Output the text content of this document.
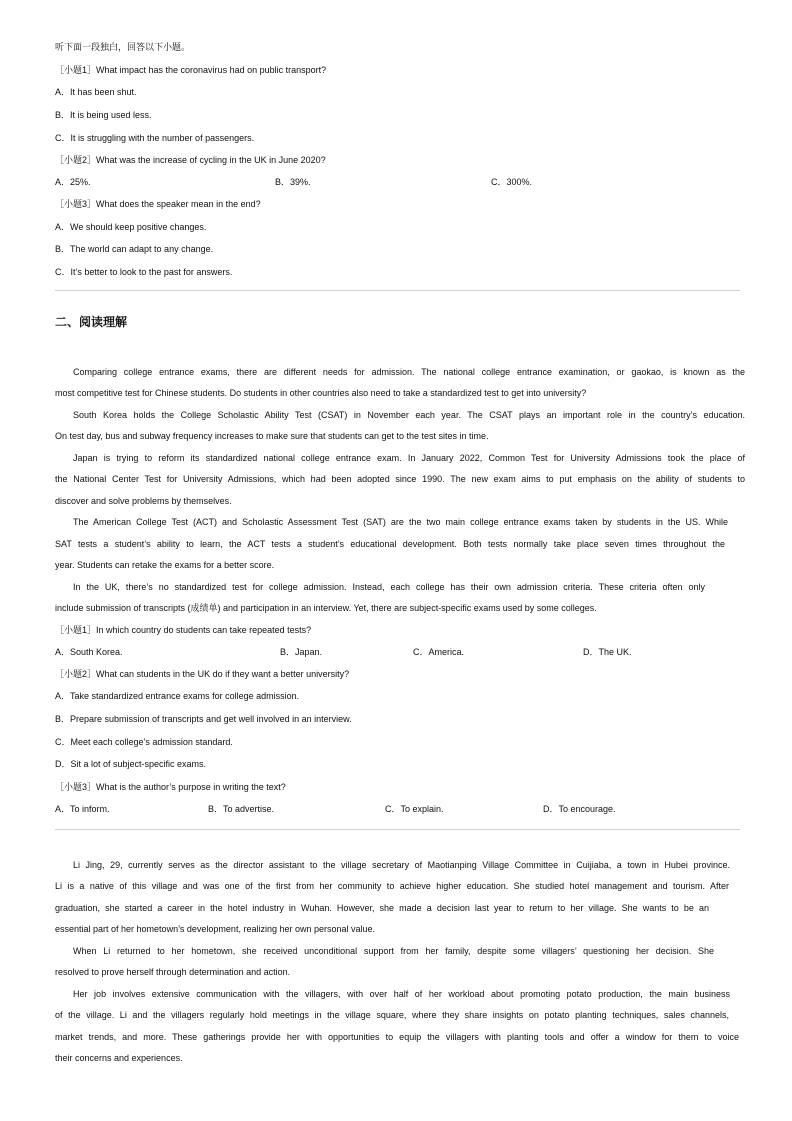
听下面一段独白，回答以下小题。
［小题1］What impact has the coronavirus had on public transport?
A．It has been shut.
B．It is being used less.
C．It is struggling with the number of passengers.
［小题2］What was the increase of cycling in the UK in June 2020?
A．25%.	B．39%.	C．300%.
［小题3］What does the speaker mean in the end?
A．We should keep positive changes.
B．The world can adapt to any change.
C．It’s better to look to the past for answers.
二、阅读理解
Comparing college entrance exams, there are different needs for admission. The national college entrance examination, or gaokao, is known as the
most competitive test for Chinese students. Do students in other countries also need to take a standardized test to get into university?
South Korea holds the College Scholastic Ability Test (CSAT) in November each year. The CSAT plays an important role in the country’s education.
On test day, bus and subway frequency increases to make sure that students can get to the test sites in time.
Japan is trying to reform its standardized national college entrance exam. In January 2022, Common Test for University Admissions took the place of
the National Center Test for University Admissions, which had been adopted since 1990. The new exam aims to put emphasis on the ability of students to
discover and solve problems by themselves.
The American College Test (ACT) and Scholastic Assessment Test (SAT) are the two main college entrance exams taken by students in the US. While
SAT tests a student’s ability to learn, the ACT tests a student’s educational development. Both tests normally take place seven times throughout the
year. Students can retake the exams for a better score.
In the UK, there’s no standardized test for college admission. Instead, each college has their own admission criteria. These criteria often only
include submission of transcripts (成绩单) and participation in an interview. Yet, there are subject-specific exams used by some colleges.
［小题1］In which country do students can take repeated tests?
A．South Korea.	B．Japan.	C．America.	D．The UK.
［小题2］What can students in the UK do if they want a better university?
A．Take standardized entrance exams for college admission.
B．Prepare submission of transcripts and get well involved in an interview.
C．Meet each college’s admission standard.
D．Sit a lot of subject-specific exams.
［小题3］What is the author’s purpose in writing the text?
A．To inform.	B．To advertise.	C．To explain.	D．To encourage.
Li Jing, 29, currently serves as the director assistant to the village secretary of Maotianping Village Committee in Cuijiaba, a town in Hubei province.
Li is a native of this village and was one of the first from her community to achieve higher education. She studied hotel management and tourism. After
graduation, she started a career in the hotel industry in Wuhan. However, she made a decision last year to return to her village. She wants to be an
essential part of her hometown’s development, realizing her own personal value.
When Li returned to her hometown, she received unconditional support from her family, despite some villagers’ questioning her decision. She
resolved to prove herself through determination and action.
Her job involves extensive communication with the villagers, with over half of her workload about promoting potato production, the main business
of the village. Li and the villagers regularly hold meetings in the village square, where they share insights on potato planting techniques, sales channels,
market trends, and more. These gatherings provide her with opportunities to equip the villagers with planting tools and offer a window for them to voice
their concerns and experiences.
